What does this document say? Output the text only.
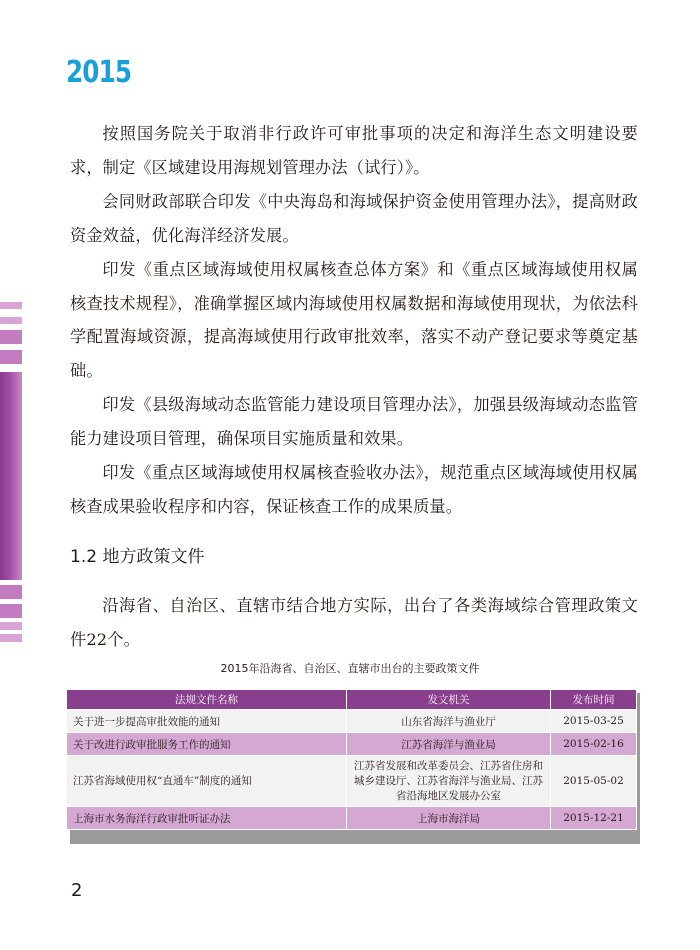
2015

按照国务院关于取消非行政许可审批事项的决定和海洋生态文明建设要求，制定《区域建设用海规划管理办法（试行）》。

会同财政部联合印发《中央海岛和海域保护资金使用管理办法》，提高财政资金效益，优化海洋经济发展。

印发《重点区域海域使用权属核查总体方案》和《重点区域海域使用权属核查技术规程》，准确掌握区域内海域使用权属数据和海域使用现状，为依法科学配置海域资源，提高海域使用行政审批效率，落实不动产登记要求等奠定基础。

印发《县级海域动态监管能力建设项目管理办法》，加强县级海域动态监管能力建设项目管理，确保项目实施质量和效果。

印发《重点区域海域使用权属核查验收办法》，规范重点区域海域使用权属核查成果验收程序和内容，保证核查工作的成果质量。

1.2 地方政策文件

沿海省、自治区、直辖市结合地方实际，出台了各类海域综合管理政策文件22个。

2015年沿海省、自治区、直辖市出台的主要政策文件
法规文件名称	发文机关	发布时间
关于进一步提高审批效能的通知	山东省海洋与渔业厅	2015-03-25
关于改进行政审批服务工作的通知	江苏省海洋与渔业局	2015-02-16
江苏省海域使用权“直通车”制度的通知	江苏省发展和改革委员会、江苏省住房和城乡建设厅、江苏省海洋与渔业局、江苏省沿海地区发展办公室	2015-05-02
上海市水务海洋行政审批听证办法	上海市海洋局	2015-12-21
2
